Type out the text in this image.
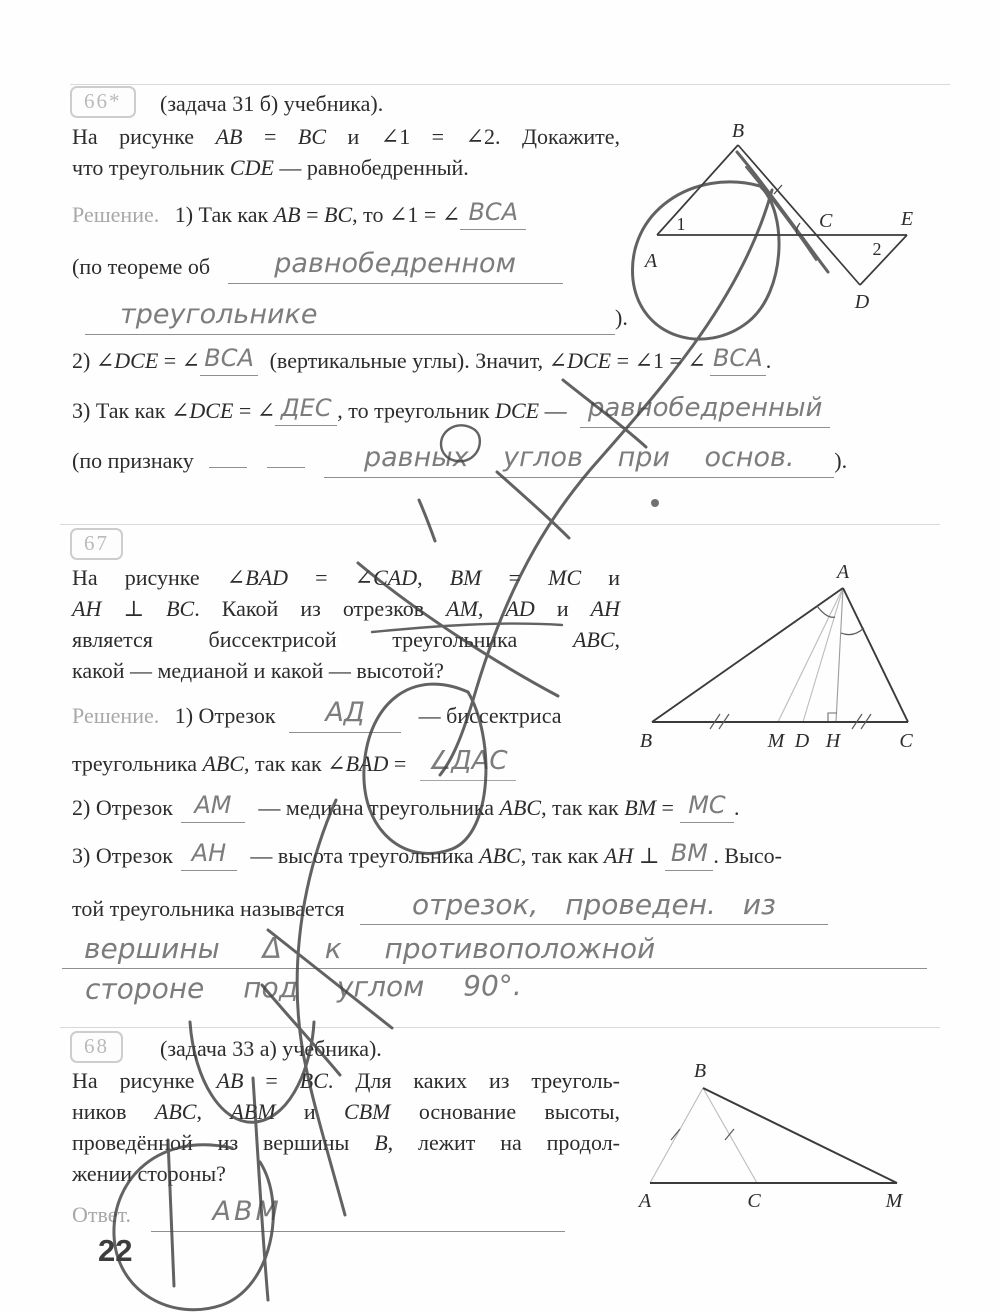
66*	(задача 31 б) учебника).
На рисунке AB = BC и ∠1 = ∠2. Докажите,
что треугольник CDE — равнобедренный.
Решение. 1) Так как AB = BC, то ∠1 = ∠ ВСА
(по теореме об равнобедренном
треугольнике	).
2) ∠DCE = ∠ ВСА (вертикальные углы). Значит, ∠DCE = ∠1 = ∠ ВСА .
3) Так как ∠DCE = ∠ ДЕС , то треугольник DCE — равнобедренный
(по признаку	равных углов при основ. ).
B
A
C	E
D
1
2
67
На рисунке ∠BAD = ∠CAD, BM = MC и
AH ⊥ BC. Какой из отрезков AM, AD и AH
является биссектрисой треугольника ABC,
какой — медианой и какой — высотой?
Решение. 1) Отрезок АД — биссектриса
треугольника ABC, так как ∠BAD = ∠ДАС
2) Отрезок АМ — медиана треугольника ABC, так как BM = МС .
3) Отрезок АН — высота треугольника ABC, так как AH ⊥ ВМ . Высо-
той треугольника называется отрезок, проведен. из
вершины Δ к противоположной
стороне под углом 90°.
A
B	M D H	C
68	(задача 33 а) учебника).
На рисунке AB = BC. Для каких из треуголь-
ников ABC, ABM и CBM основание высоты,
проведённой из вершины B, лежит на продол-
жении стороны?
Ответ.	АВМ
22
B
A	C	M
